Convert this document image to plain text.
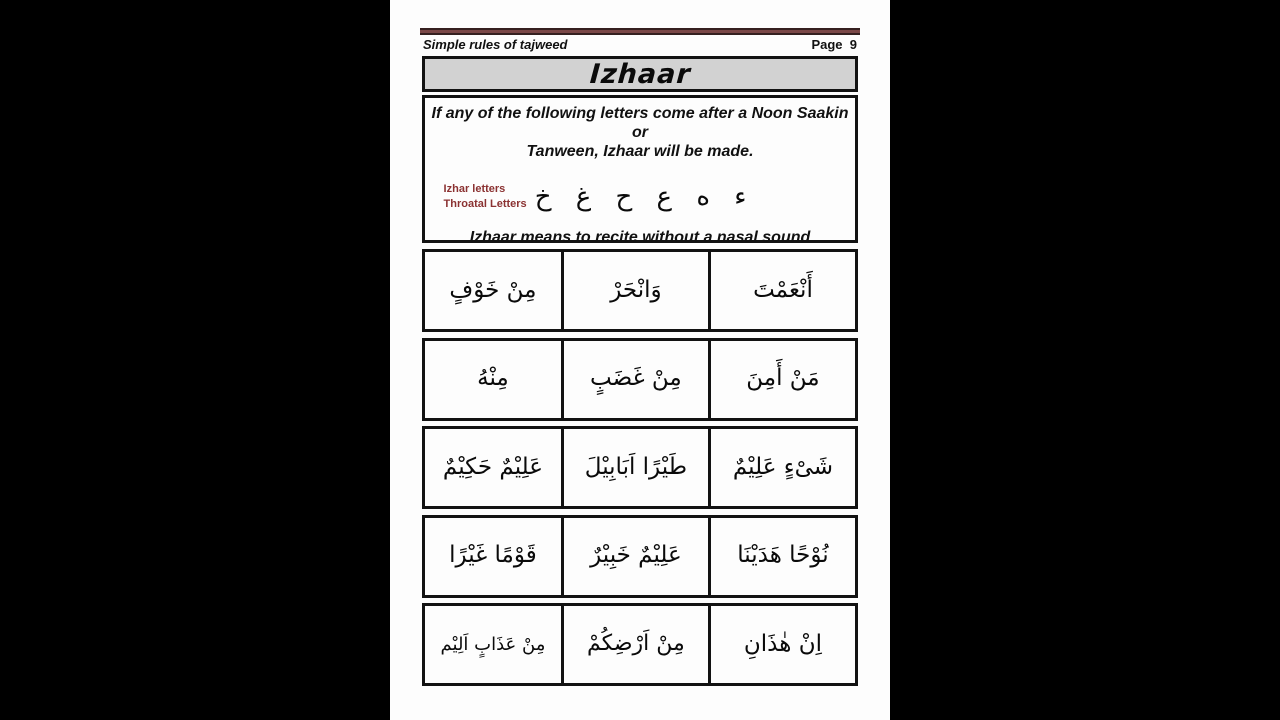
Simple rules of tajweed	Page  9
Izhaar
If any of the following letters come after a Noon Saakin or
Tanween, Izhaar will be made.
Izhar letters
Throatal Letters ء ه ع ح غ خ
Izhaar means to recite without a nasal sound
مِنْ خَوْفٍ	وَانْحَرْ	أَنْعَمْتَ
مِنْهُ	مِنْ غَضَبٍ	مَنْ أَمِنَ
عَلِيْمٌ حَكِيْمٌ	طَيْرًا اَبَابِيْلَ	شَىْءٍ عَلِيْمٌ
قَوْمًا غَيْرًا	عَلِيْمٌ خَبِيْرٌ	نُوْحًا هَدَيْنَا
مِنْ عَذَابٍ اَلِيْم	مِنْ اَرْضِكُمْ	اِنْ هٰذَانِ
